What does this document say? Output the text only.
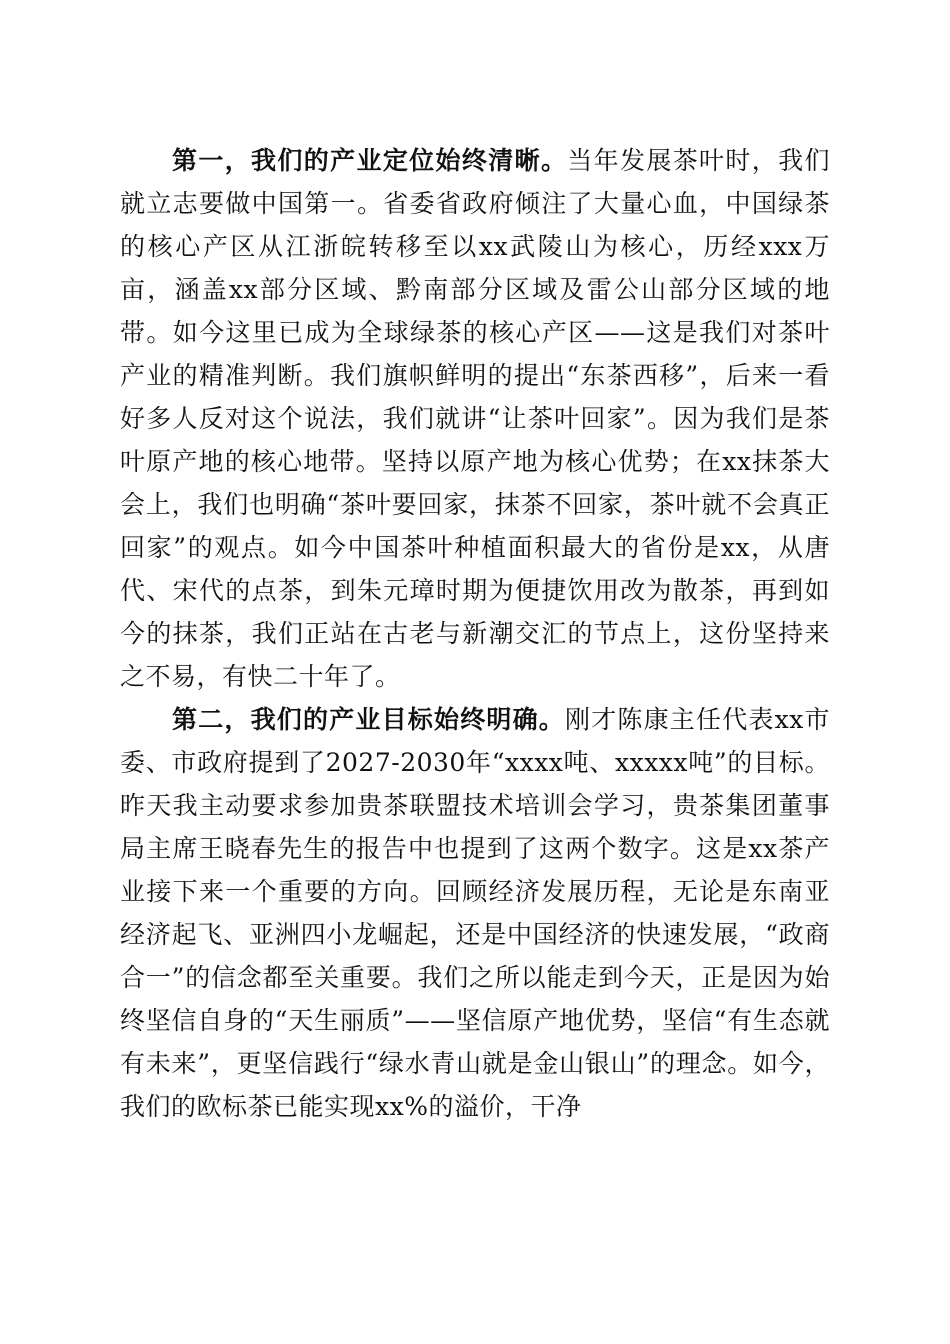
第一，我们的产业定位始终清晰。当年发展茶叶时，我们就立志要做中国第一。省委省政府倾注了大量心血，中国绿茶的核心产区从江浙皖转移至以xx武陵山为核心，历经xxx万亩，涵盖xx部分区域、黔南部分区域及雷公山部分区域的地带。如今这里已成为全球绿茶的核心产区——这是我们对茶叶产业的精准判断。我们旗帜鲜明的提出“东茶西移”，后来一看好多人反对这个说法，我们就讲“让茶叶回家”。因为我们是茶叶原产地的核心地带。坚持以原产地为核心优势；在xx抹茶大会上，我们也明确“茶叶要回家，抹茶不回家，茶叶就不会真正回家”的观点。如今中国茶叶种植面积最大的省份是xx，从唐代、宋代的点茶，到朱元璋时期为便捷饮用改为散茶，再到如今的抹茶，我们正站在古老与新潮交汇的节点上，这份坚持来之不易，有快二十年了。

第二，我们的产业目标始终明确。刚才陈康主任代表xx市委、市政府提到了2027-2030年“xxxx吨、xxxxx吨”的目标。昨天我主动要求参加贵茶联盟技术培训会学习，贵茶集团董事局主席王晓春先生的报告中也提到了这两个数字。这是xx茶产业接下来一个重要的方向。回顾经济发展历程，无论是东南亚经济起飞、亚洲四小龙崛起，还是中国经济的快速发展，“政商合一”的信念都至关重要。我们之所以能走到今天，正是因为始终坚信自身的“天生丽质”——坚信原产地优势，坚信“有生态就有未来”，更坚信践行“绿水青山就是金山银山”的理念。如今，我们的欧标茶已能实现xx%的溢价，干净
